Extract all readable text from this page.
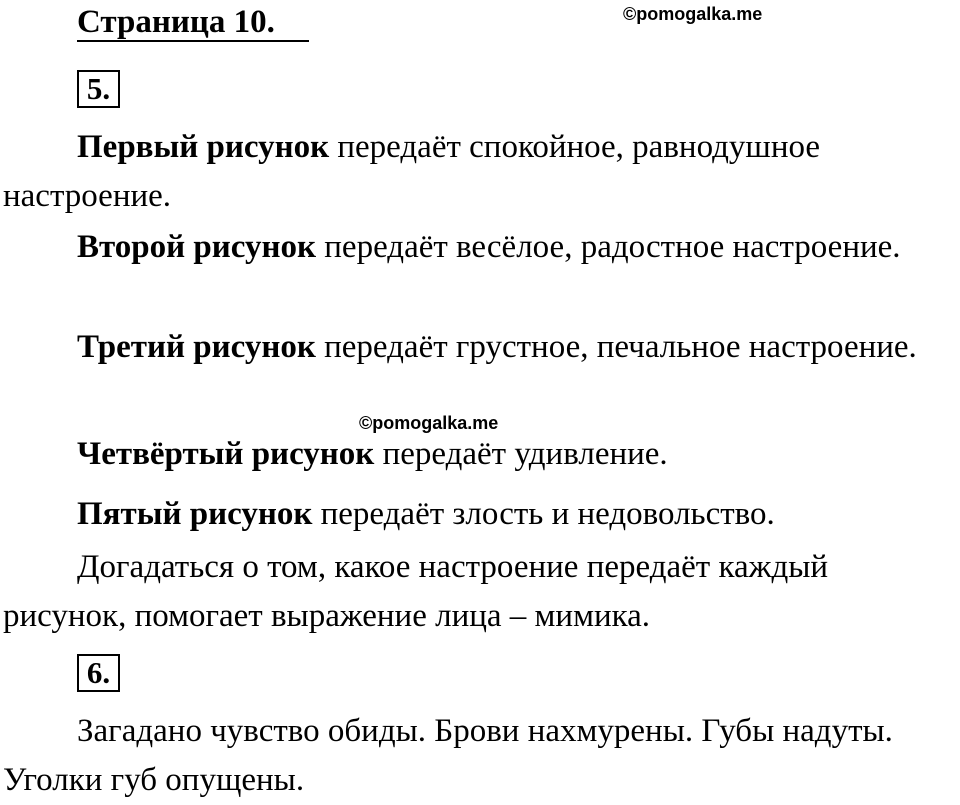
Страница 10.	©pomogalka.me
5.

Первый рисунок передаёт спокойное, равнодушное настроение.

Второй рисунок передаёт весёлое, радостное настроение.

Третий рисунок передаёт грустное, печальное настроение.

©pomogalka.me

Четвёртый рисунок передаёт удивление.

Пятый рисунок передаёт злость и недовольство.

Догадаться о том, какое настроение передаёт каждый рисунок, помогает выражение лица – мимика.

6.

Загадано чувство обиды. Брови нахмурены. Губы надуты. Уголки губ опущены.
